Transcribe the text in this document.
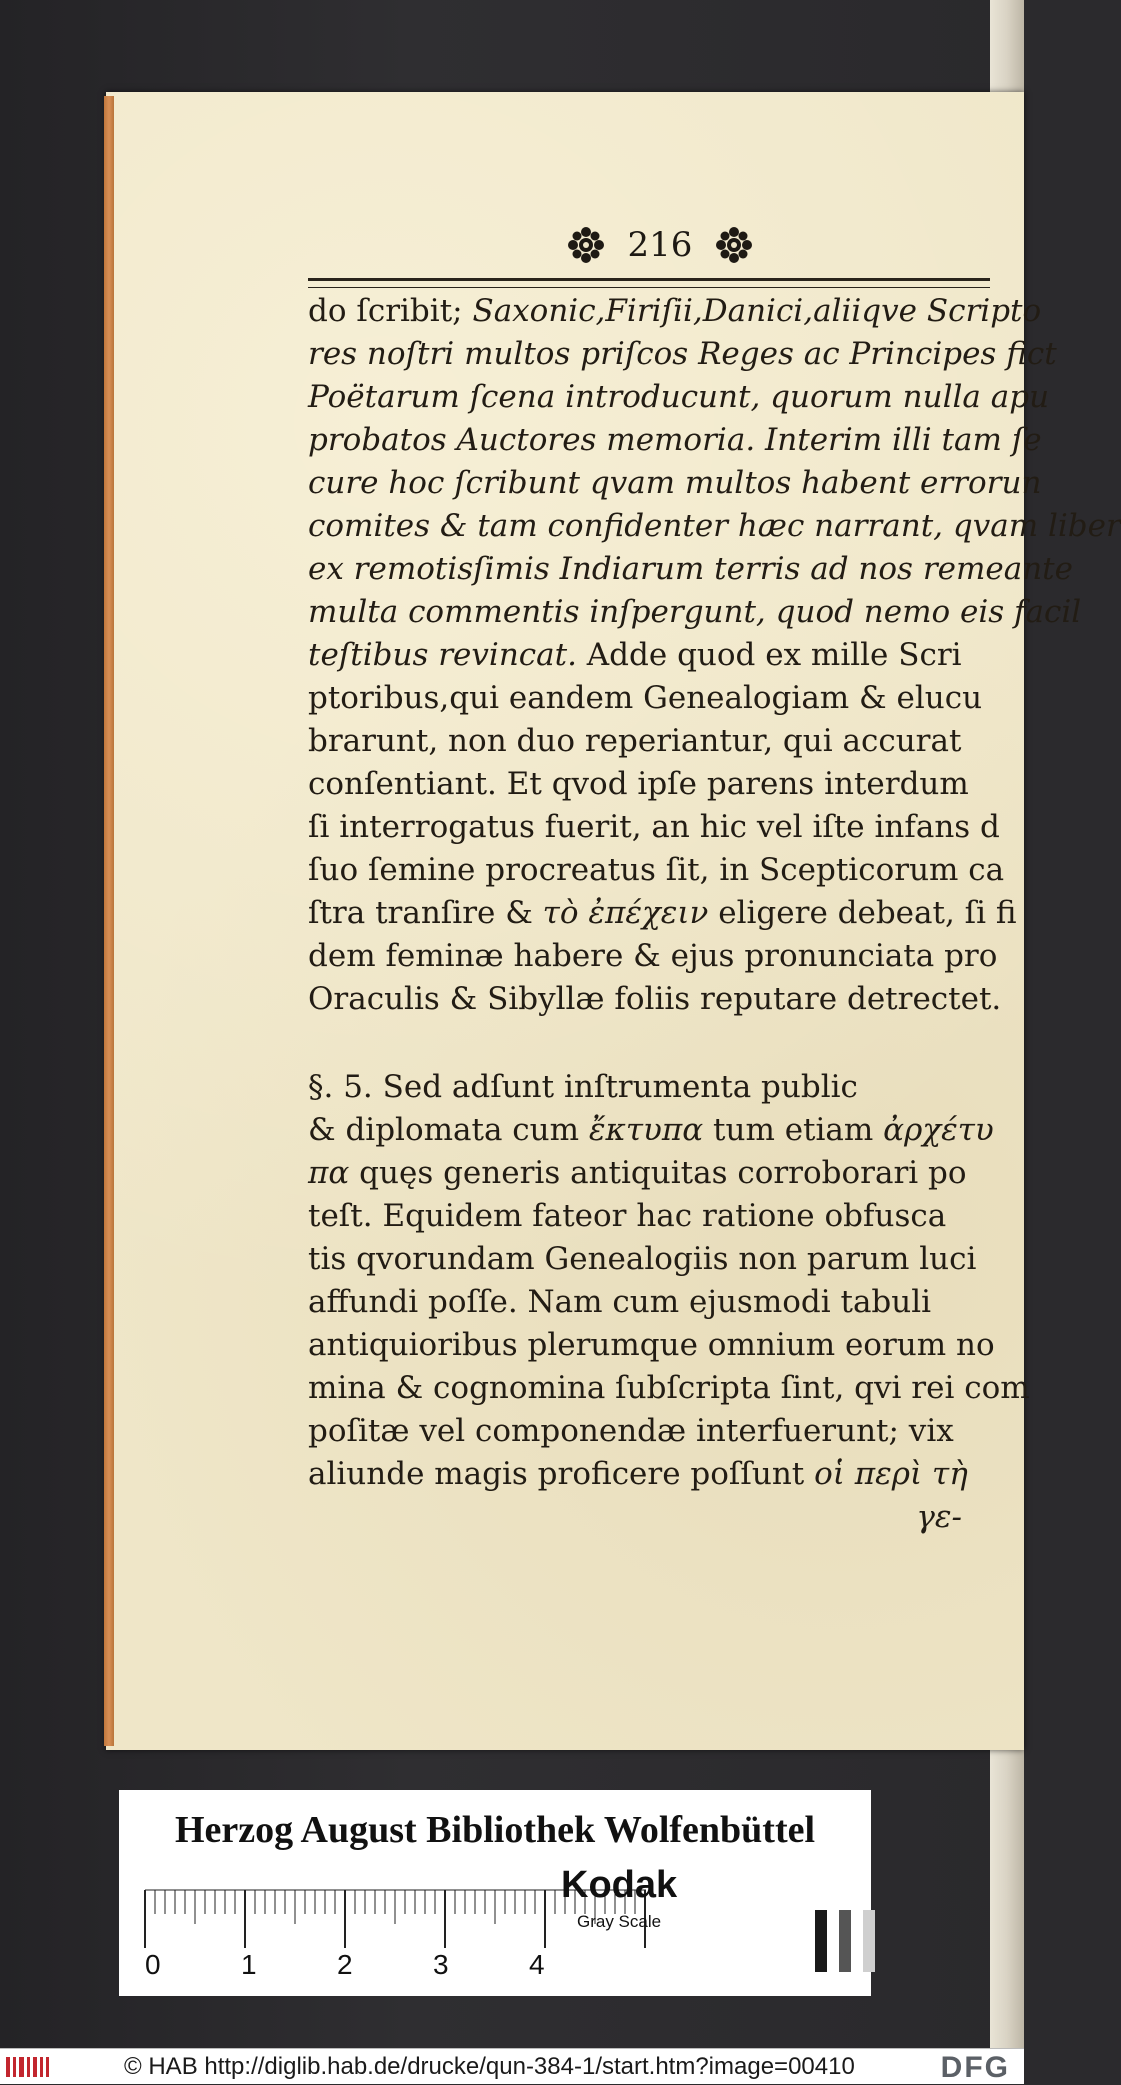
216
do ſcribit; Saxonic,Firiſii,Danici,aliiqve Scripto
res noſtri multos priſcos Reges ac Principes fict
Poëtarum ſcena introducunt, quorum nulla apu
probatos Auctores memoria. Interim illi tam ſe
cure hoc ſcribunt qvam multos habent errorun
comites & tam confidenter hæc narrant, qvam liber
ex remotisſimis Indiarum terris ad nos remeante
multa commentis inſpergunt, quod nemo eis facil
teſtibus revincat. Adde quod ex mille Scri
ptoribus,qui eandem Genealogiam & elucu
brarunt, non duo reperiantur, qui accurat
conſentiant. Et qvod ipſe parens interdum
ſi interrogatus fuerit, an hic vel iſte infans d
ſuo ſemine procreatus ſit, in Scepticorum ca
ſtra tranſire & τὸ ἐπέχειν eligere debeat, ſi fi
dem feminæ habere & ejus pronunciata pro
Oraculis & Sibyllæ foliis reputare detrectet.
§. 5. Sed adſunt inſtrumenta public
& diplomata cum ἔκτυπα tum etiam ἀρχέτυ
πα quęs generis antiquitas corroborari po
teſt. Equidem fateor hac ratione obfusca
tis qvorundam Genealogiis non parum luci
affundi poſſe. Nam cum ejusmodi tabuli
antiquioribus plerumque omnium eorum no
mina & cognomina ſubſcripta ſint, qvi rei com
poſitæ vel componendæ interfuerunt; vix
aliunde magis proficere poſſunt οἱ περὶ τὴ
γε-
Herzog August Bibliothek Wolfenbüttel
0	1	2	3	4
Kodak
Gray Scale
© HAB http://diglib.hab.de/drucke/qun-384-1/start.htm?image=00410	DFG
